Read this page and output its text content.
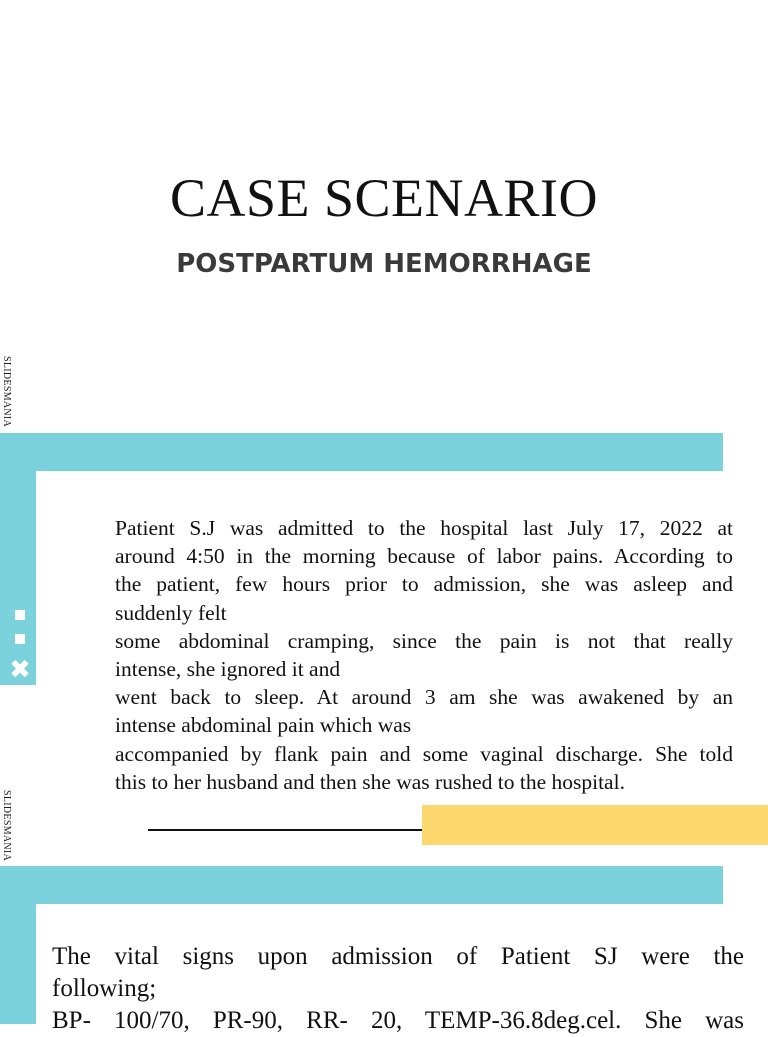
CASE SCENARIO
POSTPARTUM HEMORRHAGE
SLIDESMANIA
SLIDESMANIA
✖
Patient S.J was admitted to the hospital last July 17, 2022 at
around 4:50 in the morning because of labor pains. According to
the patient, few hours prior to admission, she was asleep and
suddenly felt
some abdominal cramping, since the pain is not that really
intense, she ignored it and
went back to sleep. At around 3 am she was awakened by an
intense abdominal pain which was
accompanied by flank pain and some vaginal discharge. She told
this to her husband and then she was rushed to the hospital.
The vital signs upon admission of Patient SJ were the
following;
BP- 100/70, PR-90, RR- 20, TEMP-36.8deg.cel. She was
